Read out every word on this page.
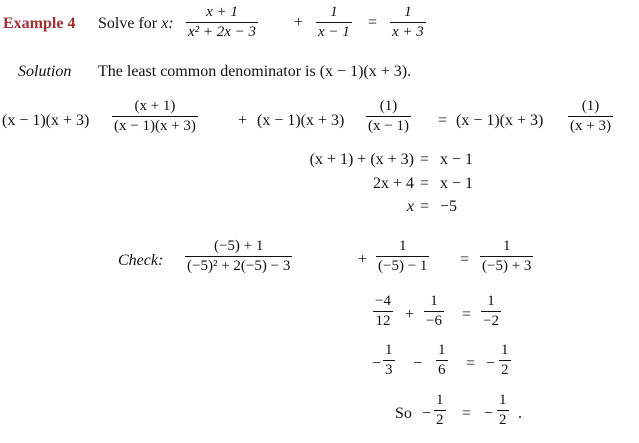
Example 4 Solve for x:
x + 1
x² + 2x − 3
+
1
x − 1
=
1
x + 3
Solution The least common denominator is (x − 1)(x + 3).
(x − 1)(x + 3)
(x + 1)
(x − 1)(x + 3)	+ (x − 1)(x + 3)
(1)
(x − 1) = (x − 1)(x + 3)
(1)
(x + 3)
(x + 1) + (x + 3) = x − 1
2x + 4 = x − 1
x = −5
Check:
(−5) + 1
(−5)² + 2(−5) − 3	+
1
(−5) − 1 =
1
(−5) + 3
−4
12 +
1
−6 =
1
−2
−
1
3 −
1
6 = −
1
2
So −
1
2 = −
1
2 .
